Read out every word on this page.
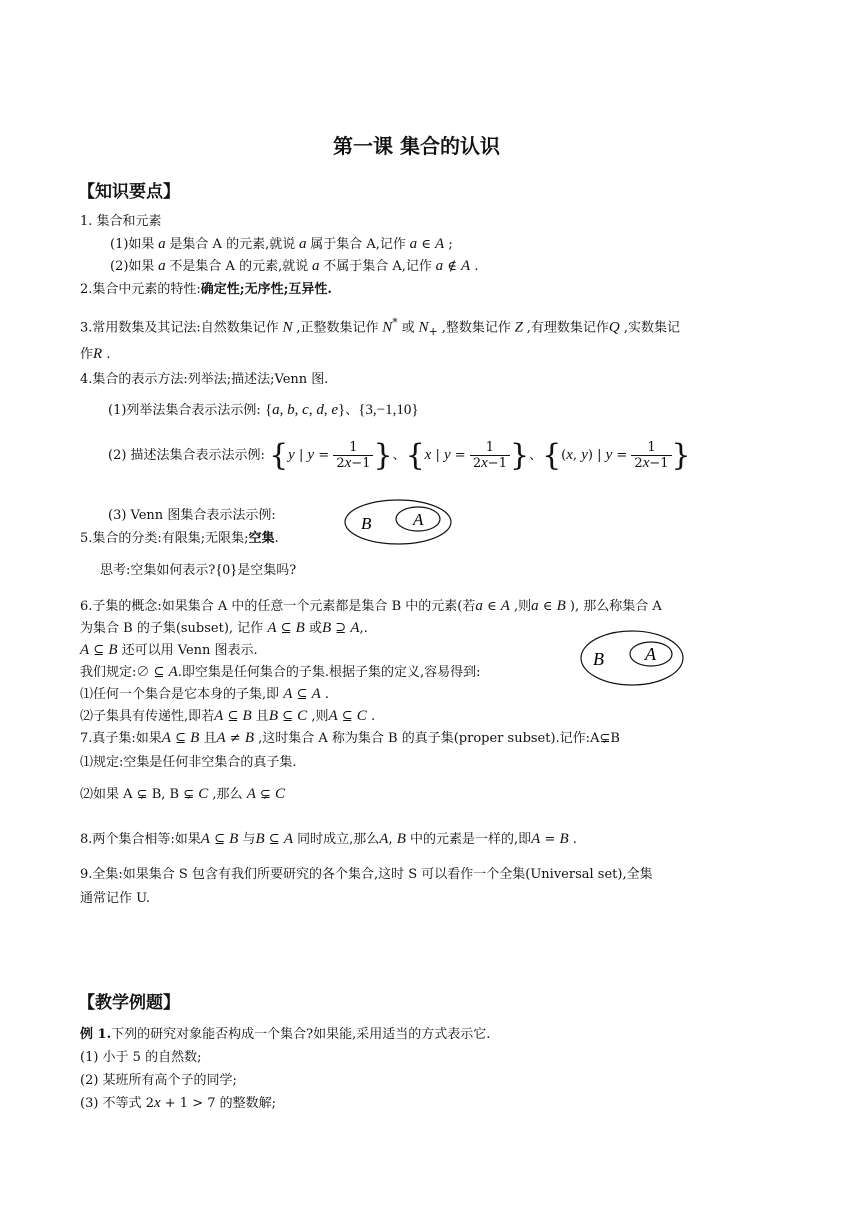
第一课 集合的认识
【知识要点】
1. 集合和元素
(1)如果 a 是集合 A 的元素,就说 a 属于集合 A,记作 a ∈ A ;
(2)如果 a 不是集合 A 的元素,就说 a 不属于集合 A,记作 a ∉ A .
2.集合中元素的特性:确定性;无序性;互异性.
3.常用数集及其记法:自然数集记作 N ,正整数集记作 N* 或 $N_+$ ,整数集记作 Z ,有理数集记作Q ,实数集记
作R .
4.集合的表示方法:列举法;描述法;Venn 图.
(1)列举法集合表示法示例: {a, b, c, d, e}、{3,−1,10}
(2) 描述法集合表示法示例: {y | $y = \frac{1}{2x-1}$ }、{x | $y = \frac{1}{2x-1}$ }、{(x, y) | $y = \frac{1}{2x-1}$ }
(3) Venn 图集合表示法示例:	B A
5.集合的分类:有限集;无限集;空集.
思考:空集如何表示?{0}是空集吗?
6.子集的概念:如果集合 A 中的任意一个元素都是集合 B 中的元素(若a ∈ A ,则a ∈ B ), 那么称集合 A
为集合 B 的子集(subset), 记作 A ⊆ B 或B ⊇ A,.
A ⊆ B 还可以用 Venn 图表示.	B A
我们规定:∅ ⊆ A.即空集是任何集合的子集.根据子集的定义,容易得到:
⑴任何一个集合是它本身的子集,即 A ⊆ A .
⑵子集具有传递性,即若A ⊆ B 且B ⊆ C ,则A ⊆ C .
7.真子集:如果A ⊆ B 且A ≠ B ,这时集合 A 称为集合 B 的真子集(proper subset).记作:A⊊B
⑴规定:空集是任何非空集合的真子集.
⑵如果 A ⊊ B, B ⊊ C ,那么 A ⊊ C
8.两个集合相等:如果A ⊆ B 与B ⊆ A 同时成立,那么A, B 中的元素是一样的,即A = B .
9.全集:如果集合 S 包含有我们所要研究的各个集合,这时 S 可以看作一个全集(Universal set),全集
通常记作 U.
【教学例题】
例 1.下列的研究对象能否构成一个集合?如果能,采用适当的方式表示它.
(1) 小于 5 的自然数;
(2) 某班所有高个子的同学;
(3) 不等式 2x + 1 > 7 的整数解;
